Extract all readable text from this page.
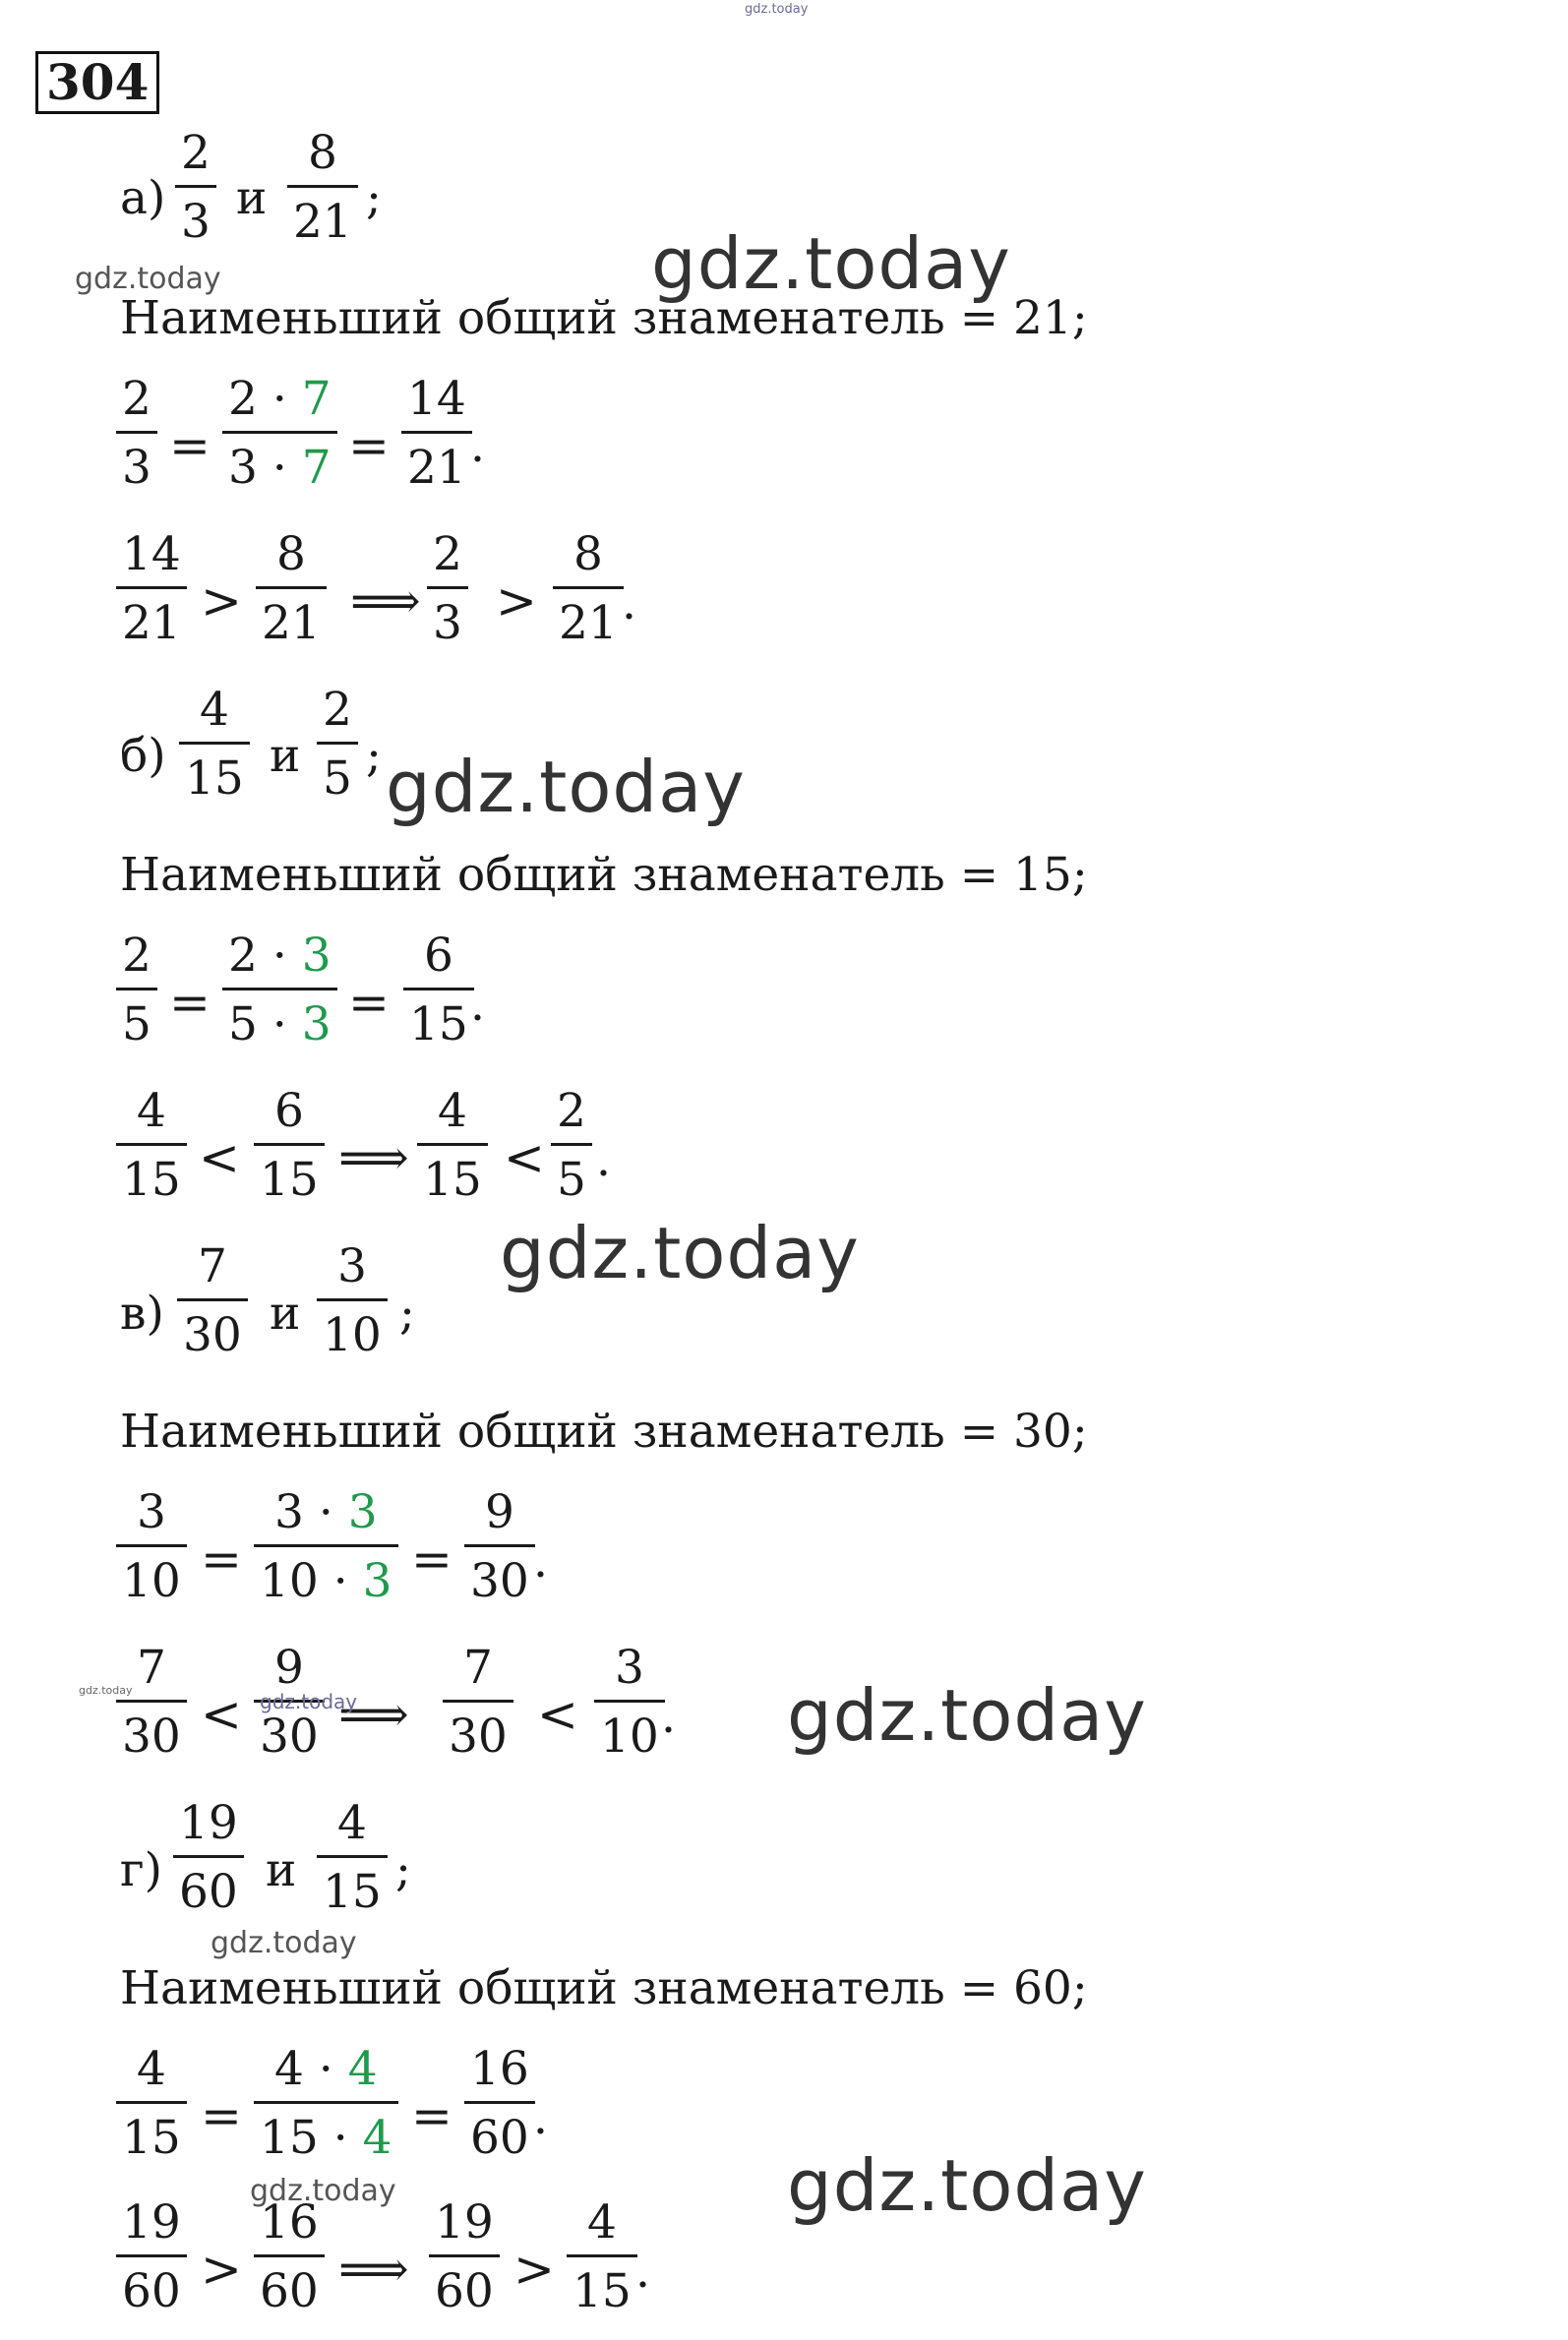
gdz.today
304
а)
2
3 и
8
21 ;
Наименьший общий знаменатель = 21;
2
3 =
2 · 7
3 · 7 =
14
21 .
14
21 >
8
21 ⟹
2
3 >
8
21 .
б)
4
15 и
2
5 ;
Наименьший общий знаменатель = 15;
2
5 =
2 · 3
5 · 3 =
6
15 .
4
15 <
6
15 ⟹
4
15 <
2
5 .
в)
7
30 и
3
10 ;
Наименьший общий знаменатель = 30;
3
10 =
3 · 3
10 · 3 =
9
30 .
7
30 <
9
30 ⟹
7
30 <
3
10 .
г)
19
60 и
4
15 ;
Наименьший общий знаменатель = 60;
4
15 =
4 · 4
15 · 4 =
16
60 .
19
60 >
16
60 ⟹
19
60 >
4
15 .
gdz.today
gdz.today
gdz.today
gdz.today
gdz.today	gdz.today	gdz.today
gdz.today
gdz.today
gdz.today
